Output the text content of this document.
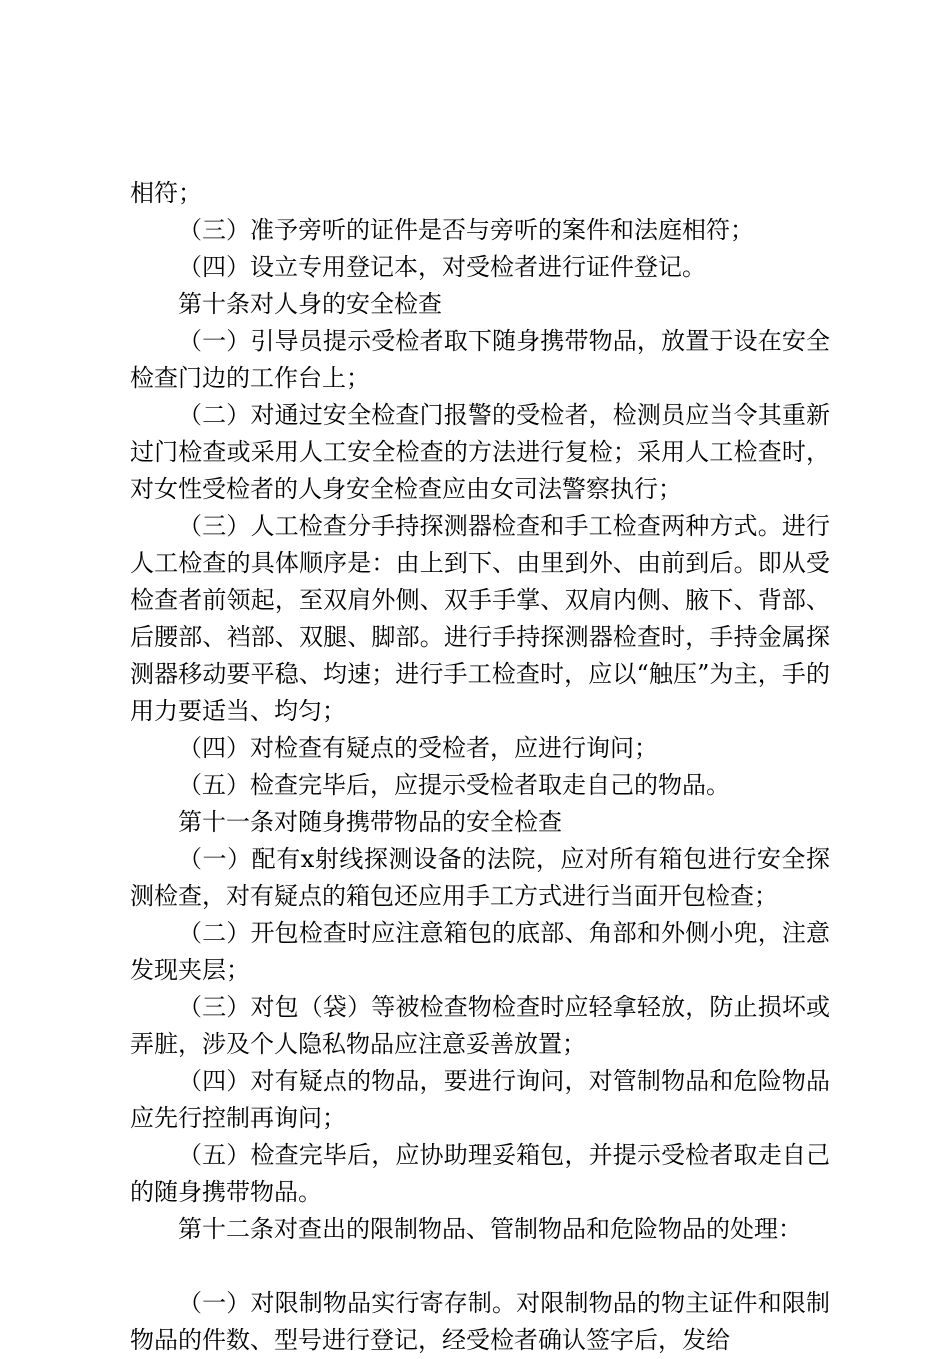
相符；

（三）准予旁听的证件是否与旁听的案件和法庭相符；

（四）设立专用登记本，对受检者进行证件登记。

第十条对人身的安全检查

（一）引导员提示受检者取下随身携带物品，放置于设在安全检查门边的工作台上；

（二）对通过安全检查门报警的受检者，检测员应当令其重新过门检查或采用人工安全检查的方法进行复检；采用人工检查时，对女性受检者的人身安全检查应由女司法警察执行；

（三）人工检查分手持探测器检查和手工检查两种方式。进行人工检查的具体顺序是：由上到下、由里到外、由前到后。即从受检查者前领起，至双肩外侧、双手手掌、双肩内侧、腋下、背部、后腰部、裆部、双腿、脚部。进行手持探测器检查时，手持金属探测器移动要平稳、均速；进行手工检查时，应以“触压”为主，手的用力要适当、均匀；

（四）对检查有疑点的受检者，应进行询问；

（五）检查完毕后，应提示受检者取走自己的物品。

第十一条对随身携带物品的安全检查

（一）配有x射线探测设备的法院，应对所有箱包进行安全探测检查，对有疑点的箱包还应用手工方式进行当面开包检查；

（二）开包检查时应注意箱包的底部、角部和外侧小兜，注意发现夹层；

（三）对包（袋）等被检查物检查时应轻拿轻放，防止损坏或弄脏，涉及个人隐私物品应注意妥善放置；

（四）对有疑点的物品，要进行询问，对管制物品和危险物品应先行控制再询问；

（五）检查完毕后，应协助理妥箱包，并提示受检者取走自己的随身携带物品。

第十二条对查出的限制物品、管制物品和危险物品的处理：

（一）对限制物品实行寄存制。对限制物品的物主证件和限制物品的件数、型号进行登记，经受检者确认签字后，发给
